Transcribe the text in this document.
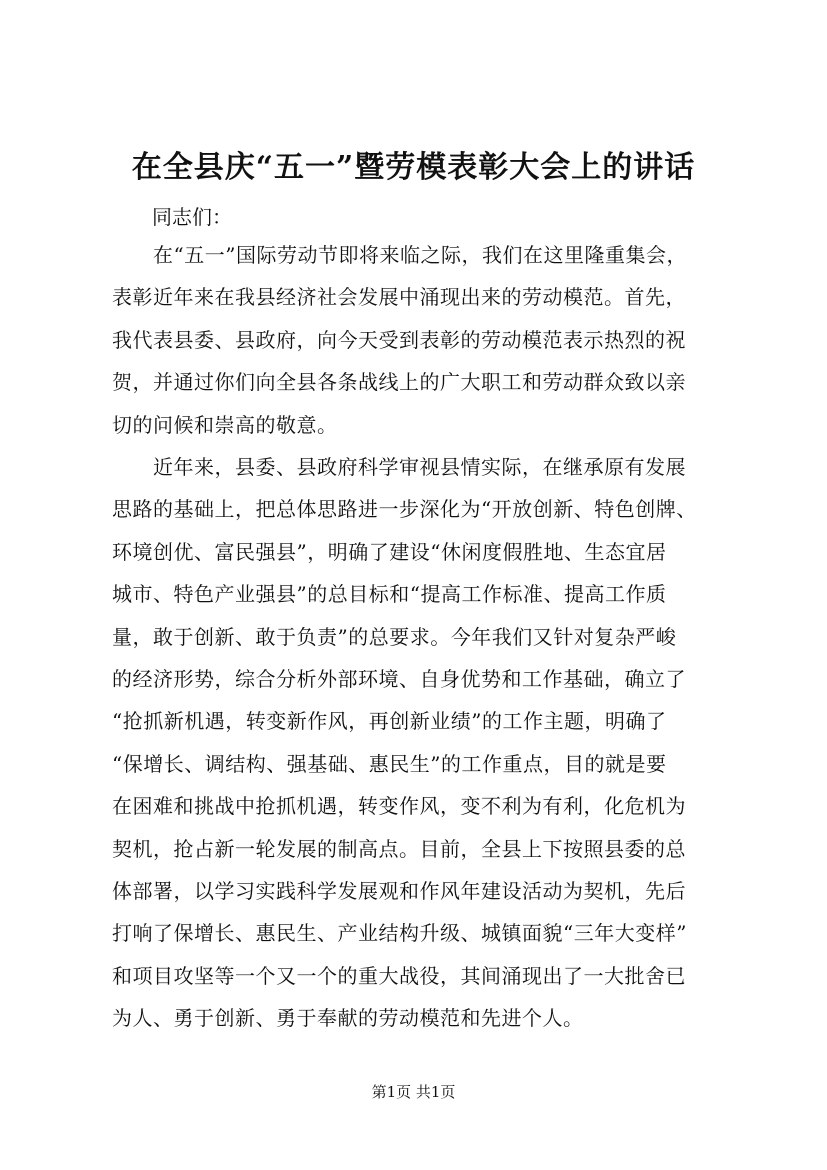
在全县庆“五一”暨劳模表彰大会上的讲话
同志们：
　　在“五一”国际劳动节即将来临之际，我们在这里隆重集会，
表彰近年来在我县经济社会发展中涌现出来的劳动模范。首先，
我代表县委、县政府，向今天受到表彰的劳动模范表示热烈的祝
贺，并通过你们向全县各条战线上的广大职工和劳动群众致以亲
切的问候和崇高的敬意。
　　近年来，县委、县政府科学审视县情实际，在继承原有发展
思路的基础上，把总体思路进一步深化为“开放创新、特色创牌、
环境创优、富民强县”，明确了建设“休闲度假胜地、生态宜居
城市、特色产业强县”的总目标和“提高工作标准、提高工作质
量，敢于创新、敢于负责”的总要求。今年我们又针对复杂严峻
的经济形势，综合分析外部环境、自身优势和工作基础，确立了
“抢抓新机遇，转变新作风，再创新业绩”的工作主题，明确了
“保增长、调结构、强基础、惠民生”的工作重点，目的就是要
在困难和挑战中抢抓机遇，转变作风，变不利为有利，化危机为
契机，抢占新一轮发展的制高点。目前，全县上下按照县委的总
体部署，以学习实践科学发展观和作风年建设活动为契机，先后
打响了保增长、惠民生、产业结构升级、城镇面貌“三年大变样”
和项目攻坚等一个又一个的重大战役，其间涌现出了一大批舍已
为人、勇于创新、勇于奉献的劳动模范和先进个人。
第1页 共1页
